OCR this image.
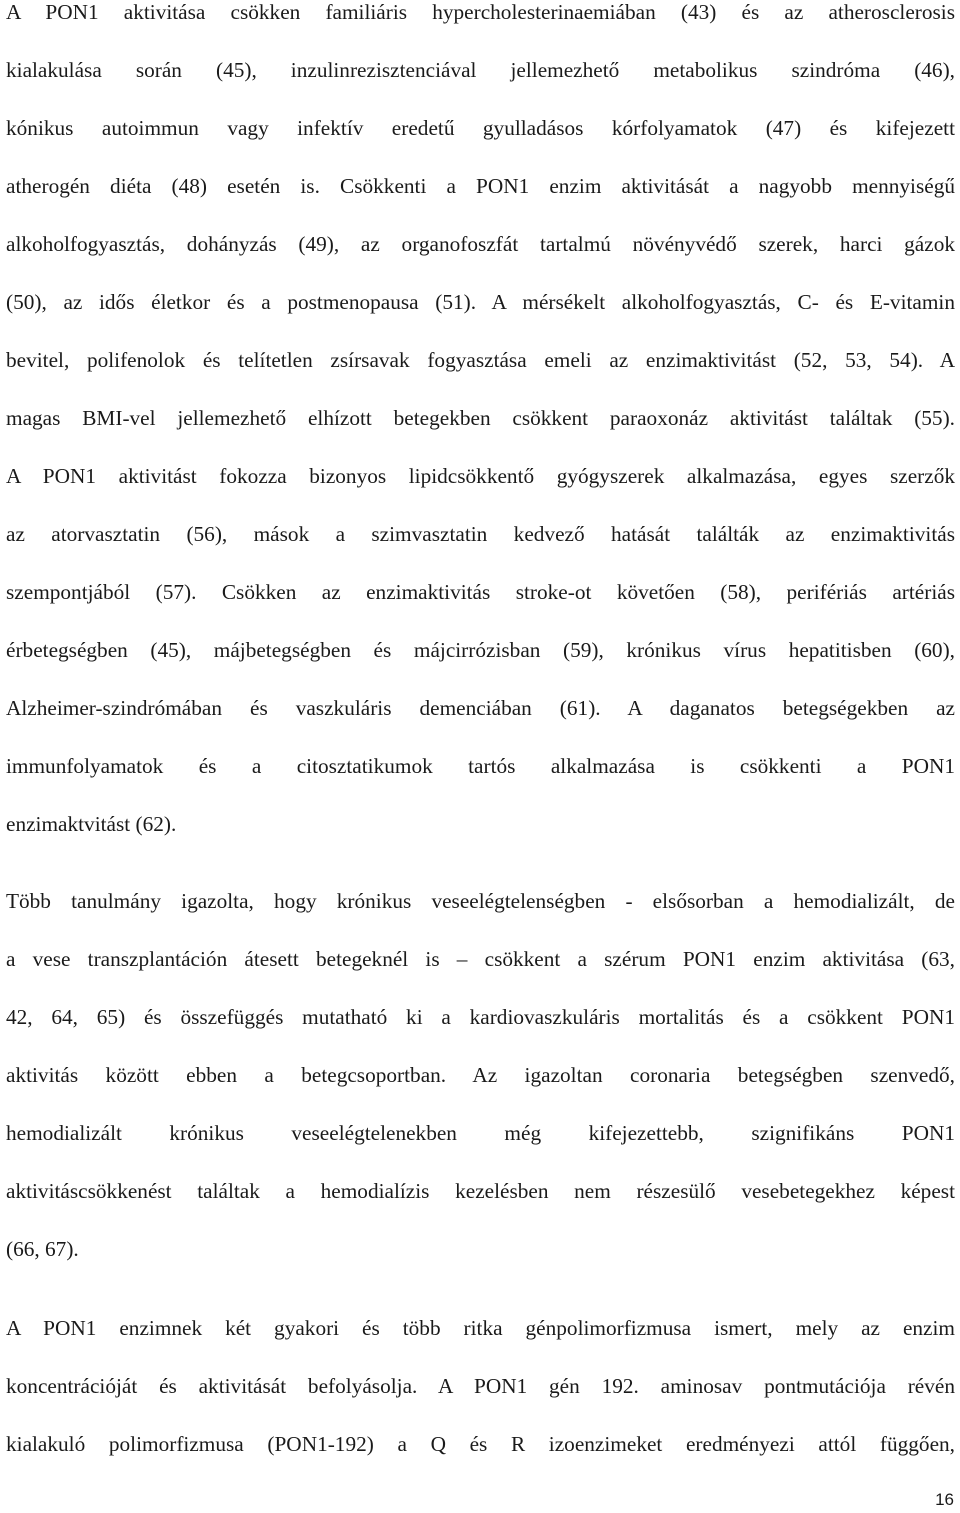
A PON1 aktivitása csökken familiáris hypercholesterinaemiában (43) és az atherosclerosis
kialakulása során (45), inzulinrezisztenciával jellemezhető metabolikus szindróma (46),
kónikus autoimmun vagy infektív eredetű gyulladásos kórfolyamatok (47) és kifejezett
atherogén diéta (48) esetén is. Csökkenti a PON1 enzim aktivitását a nagyobb mennyiségű
alkoholfogyasztás, dohányzás (49), az organofoszfát tartalmú növényvédő szerek, harci gázok
(50), az idős életkor és a postmenopausa (51). A mérsékelt alkoholfogyasztás, C- és E-vitamin
bevitel, polifenolok és telítetlen zsírsavak fogyasztása emeli az enzimaktivitást (52, 53, 54). A
magas BMI-vel jellemezhető elhízott betegekben csökkent paraoxonáz aktivitást találtak (55).
A PON1 aktivitást fokozza bizonyos lipidcsökkentő gyógyszerek alkalmazása, egyes szerzők
az atorvasztatin (56), mások a szimvasztatin kedvező hatását találták az enzimaktivitás
szempontjából (57). Csökken az enzimaktivitás stroke-ot követően (58), perifériás artériás
érbetegségben (45), májbetegségben és májcirrózisban (59), krónikus vírus hepatitisben (60),
Alzheimer-szindrómában és vaszkuláris demenciában (61). A daganatos betegségekben az
immunfolyamatok és a citosztatikumok tartós alkalmazása is csökkenti a PON1
enzimaktvitást (62).
Több tanulmány igazolta, hogy krónikus veseelégtelenségben - elsősorban a hemodializált, de
a vese transzplantáción átesett betegeknél is – csökkent a szérum PON1 enzim aktivitása (63,
42, 64, 65) és összefüggés mutatható ki a kardiovaszkuláris mortalitás és a csökkent PON1
aktivitás között ebben a betegcsoportban. Az igazoltan coronaria betegségben szenvedő,
hemodializált krónikus veseelégtelenekben még kifejezettebb, szignifikáns PON1
aktivitáscsökkenést találtak a hemodialízis kezelésben nem részesülő vesebetegekhez képest
(66, 67).
A PON1 enzimnek két gyakori és több ritka génpolimorfizmusa ismert, mely az enzim
koncentrációját és aktivitását befolyásolja. A PON1 gén 192. aminosav pontmutációja révén
kialakuló polimorfizmusa (PON1-192) a Q és R izoenzimeket eredményezi attól függően,
16
